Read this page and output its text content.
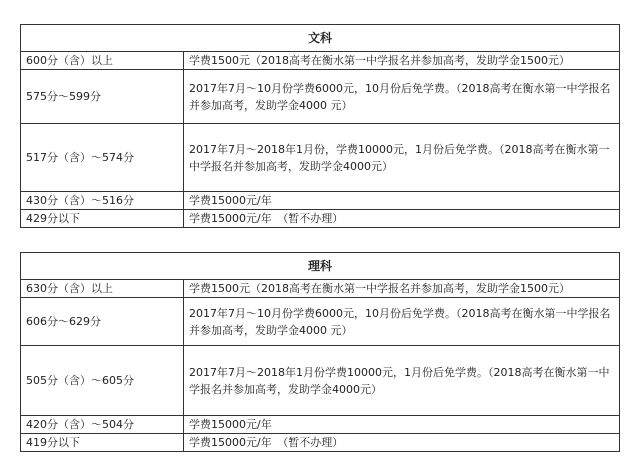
文科	
600分（含）以上	学费1500元（2018高考在衡水第一中学报名并参加高考，发助学金1500元）
575分～599分	2017年7月～10月份学费6000元，10月份后免学费。（2018高考在衡水第一中学报名并参加高考，发助学金4000 元）
517分（含）～574分	2017年7月～2018年1月份，学费10000元，1月份后免学费。（2018高考在衡水第一中学报名并参加高考，发助学金4000元）
430分（含）～516分	学费15000元/年
429分以下	学费15000元/年　（暂不办理）
理科	
630分（含）以上	学费1500元（2018高考在衡水第一中学报名并参加高考，发助学金1500元）
606分～629分	2017年7月～10月份学费6000元，10月份后免学费。（2018高考在衡水第一中学报名并参加高考，发助学金4000 元）
505分（含）～605分	2017年7月～2018年1月份学费10000元，1月份后免学费。（2018高考在衡水第一中学报名并参加高考，发助学金4000元）
420分（含）～504分	学费15000元/年
419分以下	学费15000元/年　（暂不办理）
